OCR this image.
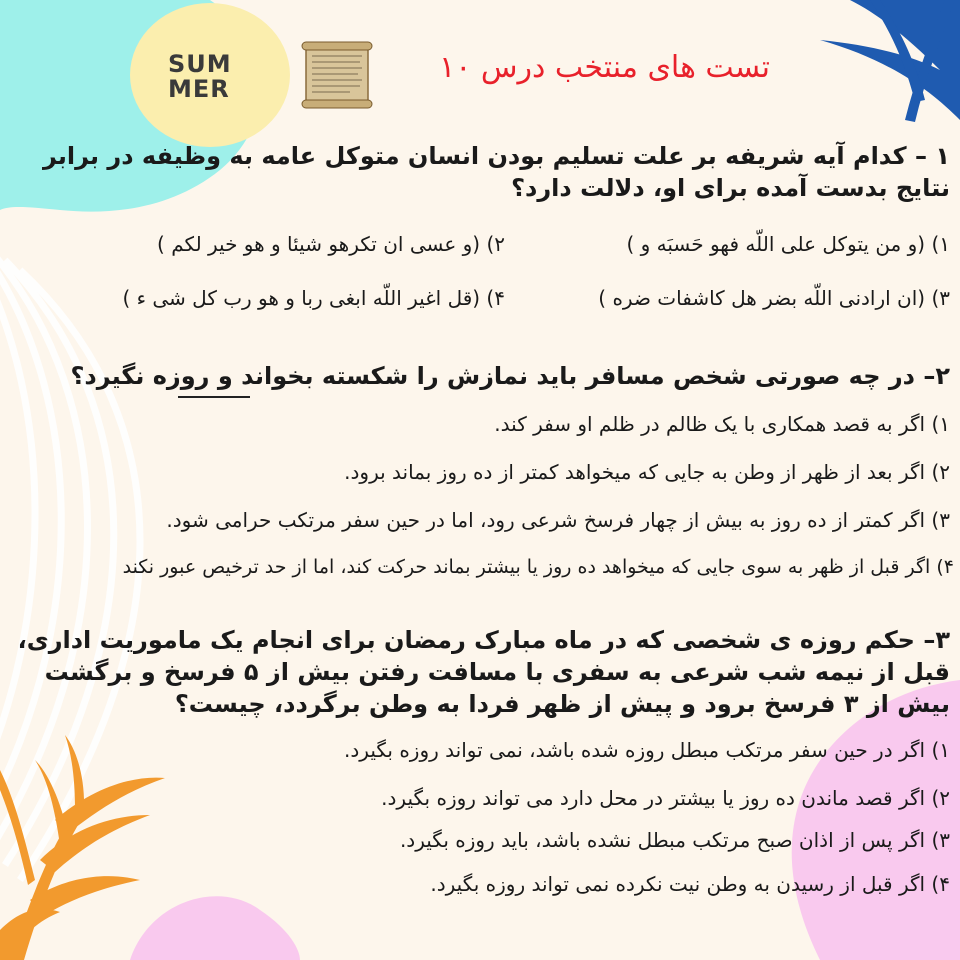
SUM
MER
تست های منتخب درس ۱۰
۱ – کدام آیه شریفه بر علت تسلیم بودن انسان متوکل عامه به وظیفه در برابر نتایج بدست آمده برای او، دلالت دارد؟
۱) (و من یتوکل علی اللّه فهو حَسبَه و )
۲) (و عسی ان تکرهو شیئا و هو خیر لکم )
۳) (ان ارادنی اللّه بضر هل کاشفات ضره )
۴) (قل اغیر اللّه ابغی ربا و هو رب کل شی ء )
۲– در چه صورتی شخص مسافر باید نمازش را شکسته بخواند و روزه نگیرد؟
۱) اگر به قصد همکاری با یک ظالم در ظلم او سفر کند.
۲) اگر بعد از ظهر از وطن به جایی که میخواهد کمتر از ده روز بماند برود.
۳) اگر کمتر از ده روز به بیش از چهار فرسخ شرعی رود، اما در حین سفر مرتکب حرامی شود.
۴) اگر قبل از ظهر به سوی جایی که میخواهد ده روز یا بیشتر بماند حرکت کند، اما از حد ترخیص عبور نکند
۳– حکم روزه ی شخصی که در ماه مبارک رمضان برای انجام یک ماموریت اداری، قبل از نیمه شب شرعی به سفری با مسافت رفتن بیش از ۵ فرسخ و برگشت بیش از ۳ فرسخ برود و پیش از ظهر فردا به وطن برگردد، چیست؟
۱) اگر در حین سفر مرتکب مبطل روزه شده باشد، نمی تواند روزه بگیرد.
۲) اگر قصد ماندن ده روز یا بیشتر در محل دارد می تواند روزه بگیرد.
۳) اگر پس از اذان صبح مرتکب مبطل نشده باشد، باید روزه بگیرد.
۴) اگر قبل از رسیدن به وطن نیت نکرده نمی تواند روزه بگیرد.
